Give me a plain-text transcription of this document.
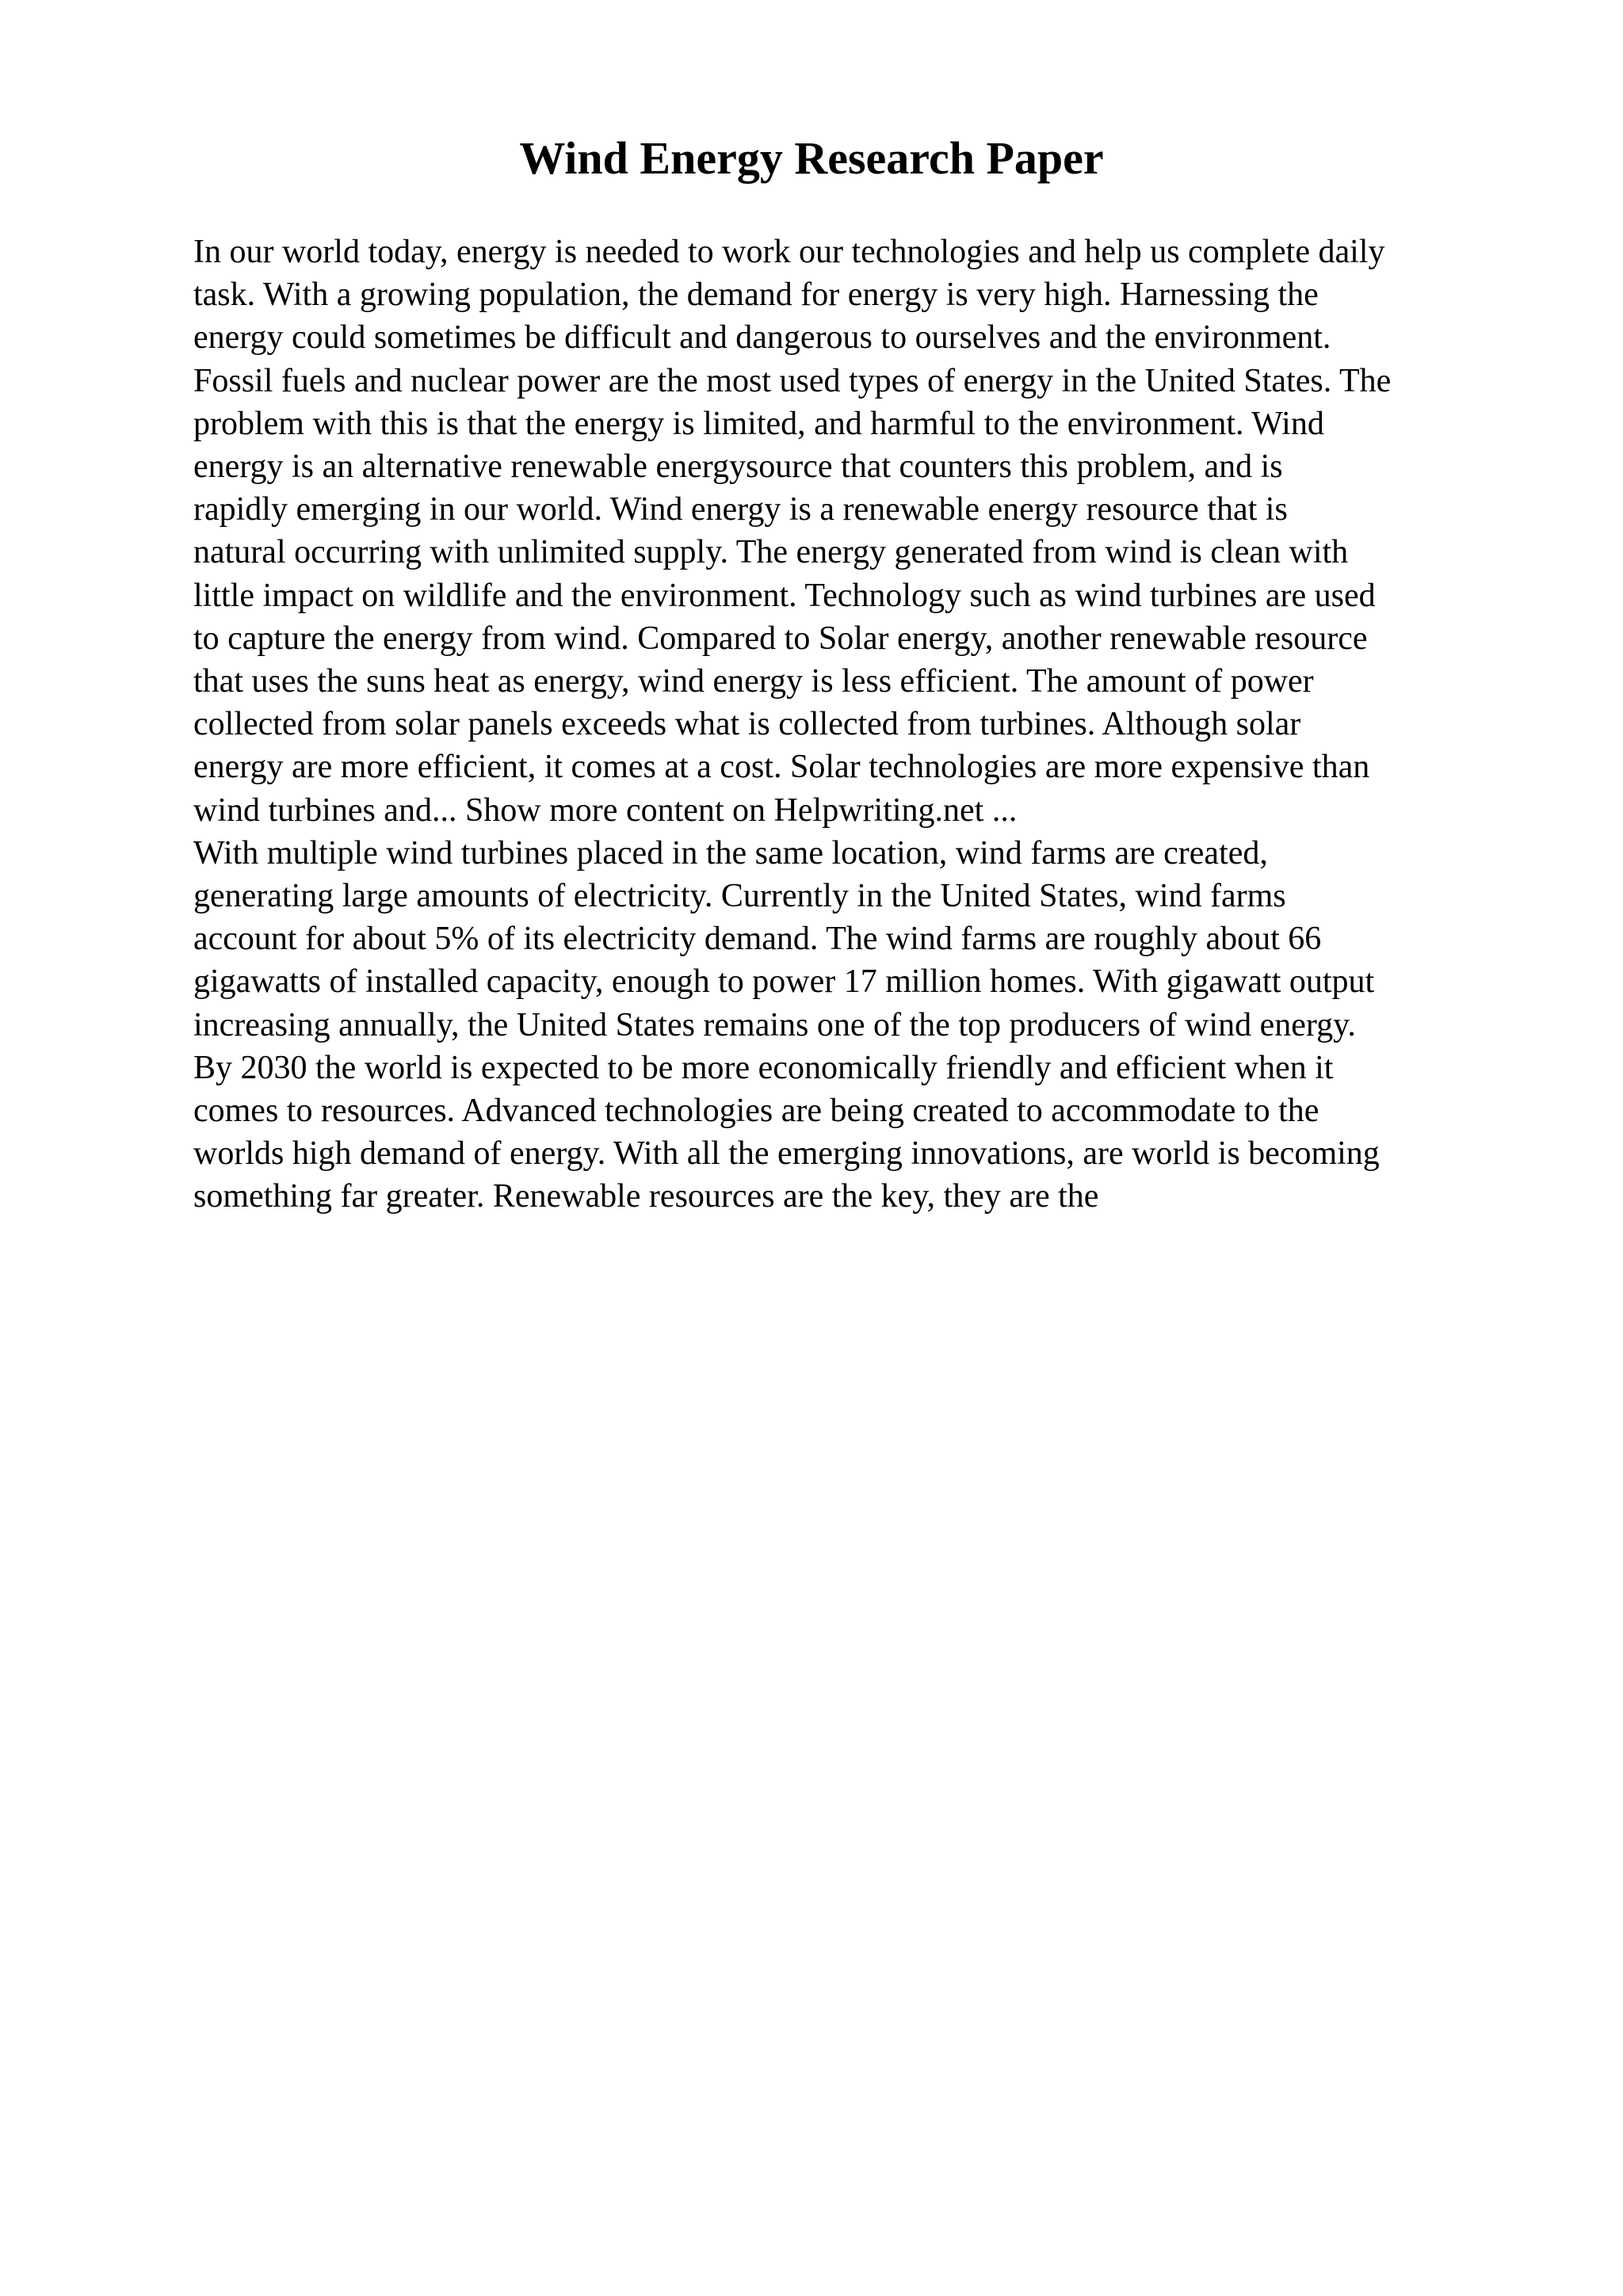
Wind Energy Research Paper
In our world today, energy is needed to work our technologies and help us complete daily
task. With a growing population, the demand for energy is very high. Harnessing the
energy could sometimes be difficult and dangerous to ourselves and the environment.
Fossil fuels and nuclear power are the most used types of energy in the United States. The
problem with this is that the energy is limited, and harmful to the environment. Wind
energy is an alternative renewable energysource that counters this problem, and is
rapidly emerging in our world. Wind energy is a renewable energy resource that is
natural occurring with unlimited supply. The energy generated from wind is clean with
little impact on wildlife and the environment. Technology such as wind turbines are used
to capture the energy from wind. Compared to Solar energy, another renewable resource
that uses the suns heat as energy, wind energy is less efficient. The amount of power
collected from solar panels exceeds what is collected from turbines. Although solar
energy are more efficient, it comes at a cost. Solar technologies are more expensive than
wind turbines and... Show more content on Helpwriting.net ...
With multiple wind turbines placed in the same location, wind farms are created,
generating large amounts of electricity. Currently in the United States, wind farms
account for about 5% of its electricity demand. The wind farms are roughly about 66
gigawatts of installed capacity, enough to power 17 million homes. With gigawatt output
increasing annually, the United States remains one of the top producers of wind energy.
By 2030 the world is expected to be more economically friendly and efficient when it
comes to resources. Advanced technologies are being created to accommodate to the
worlds high demand of energy. With all the emerging innovations, are world is becoming
something far greater. Renewable resources are the key, they are the
